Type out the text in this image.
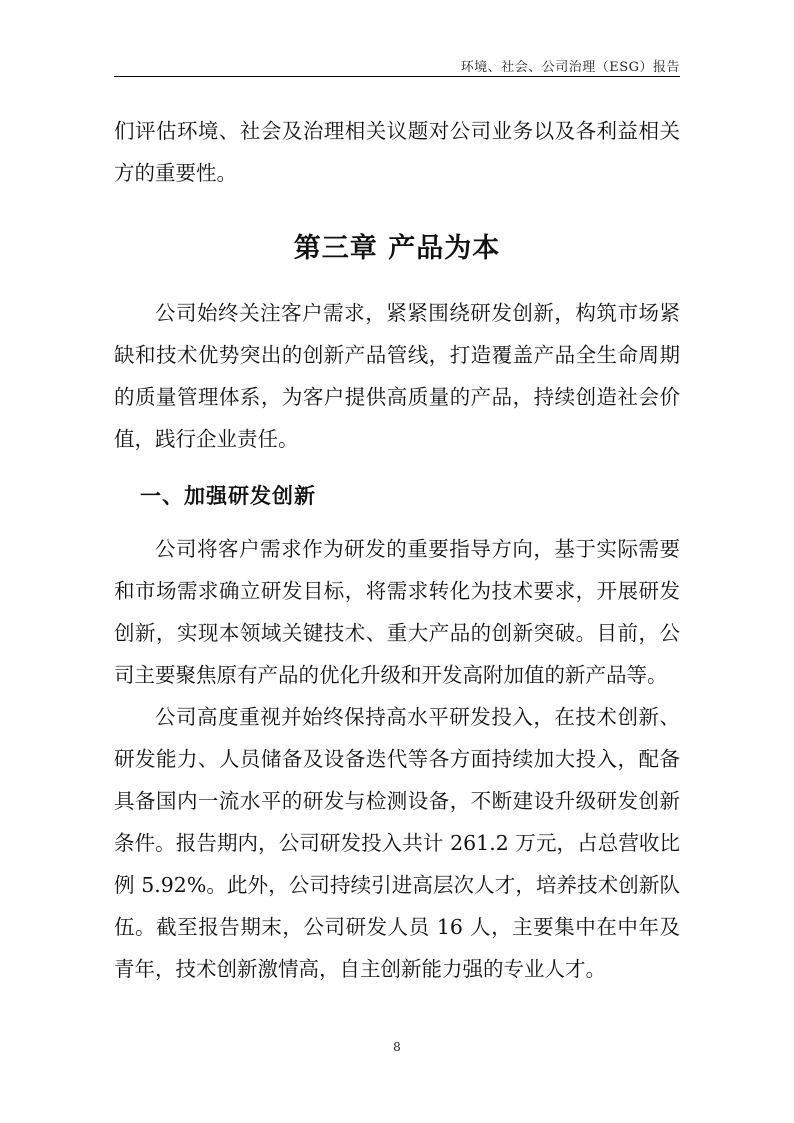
环境、社会、公司治理（ESG）报告

们评估环境、社会及治理相关议题对公司业务以及各利益相关方的重要性。

第三章 产品为本

公司始终关注客户需求，紧紧围绕研发创新，构筑市场紧缺和技术优势突出的创新产品管线，打造覆盖产品全生命周期的质量管理体系，为客户提供高质量的产品，持续创造社会价值，践行企业责任。

一、加强研发创新

公司将客户需求作为研发的重要指导方向，基于实际需要和市场需求确立研发目标，将需求转化为技术要求，开展研发创新，实现本领域关键技术、重大产品的创新突破。目前，公司主要聚焦原有产品的优化升级和开发高附加值的新产品等。

公司高度重视并始终保持高水平研发投入，在技术创新、研发能力、人员储备及设备迭代等各方面持续加大投入，配备具备国内一流水平的研发与检测设备，不断建设升级研发创新条件。报告期内，公司研发投入共计 261.2 万元，占总营收比例 5.92%。此外，公司持续引进高层次人才，培养技术创新队伍。截至报告期末，公司研发人员 16 人，主要集中在中年及青年，技术创新激情高，自主创新能力强的专业人才。

8
